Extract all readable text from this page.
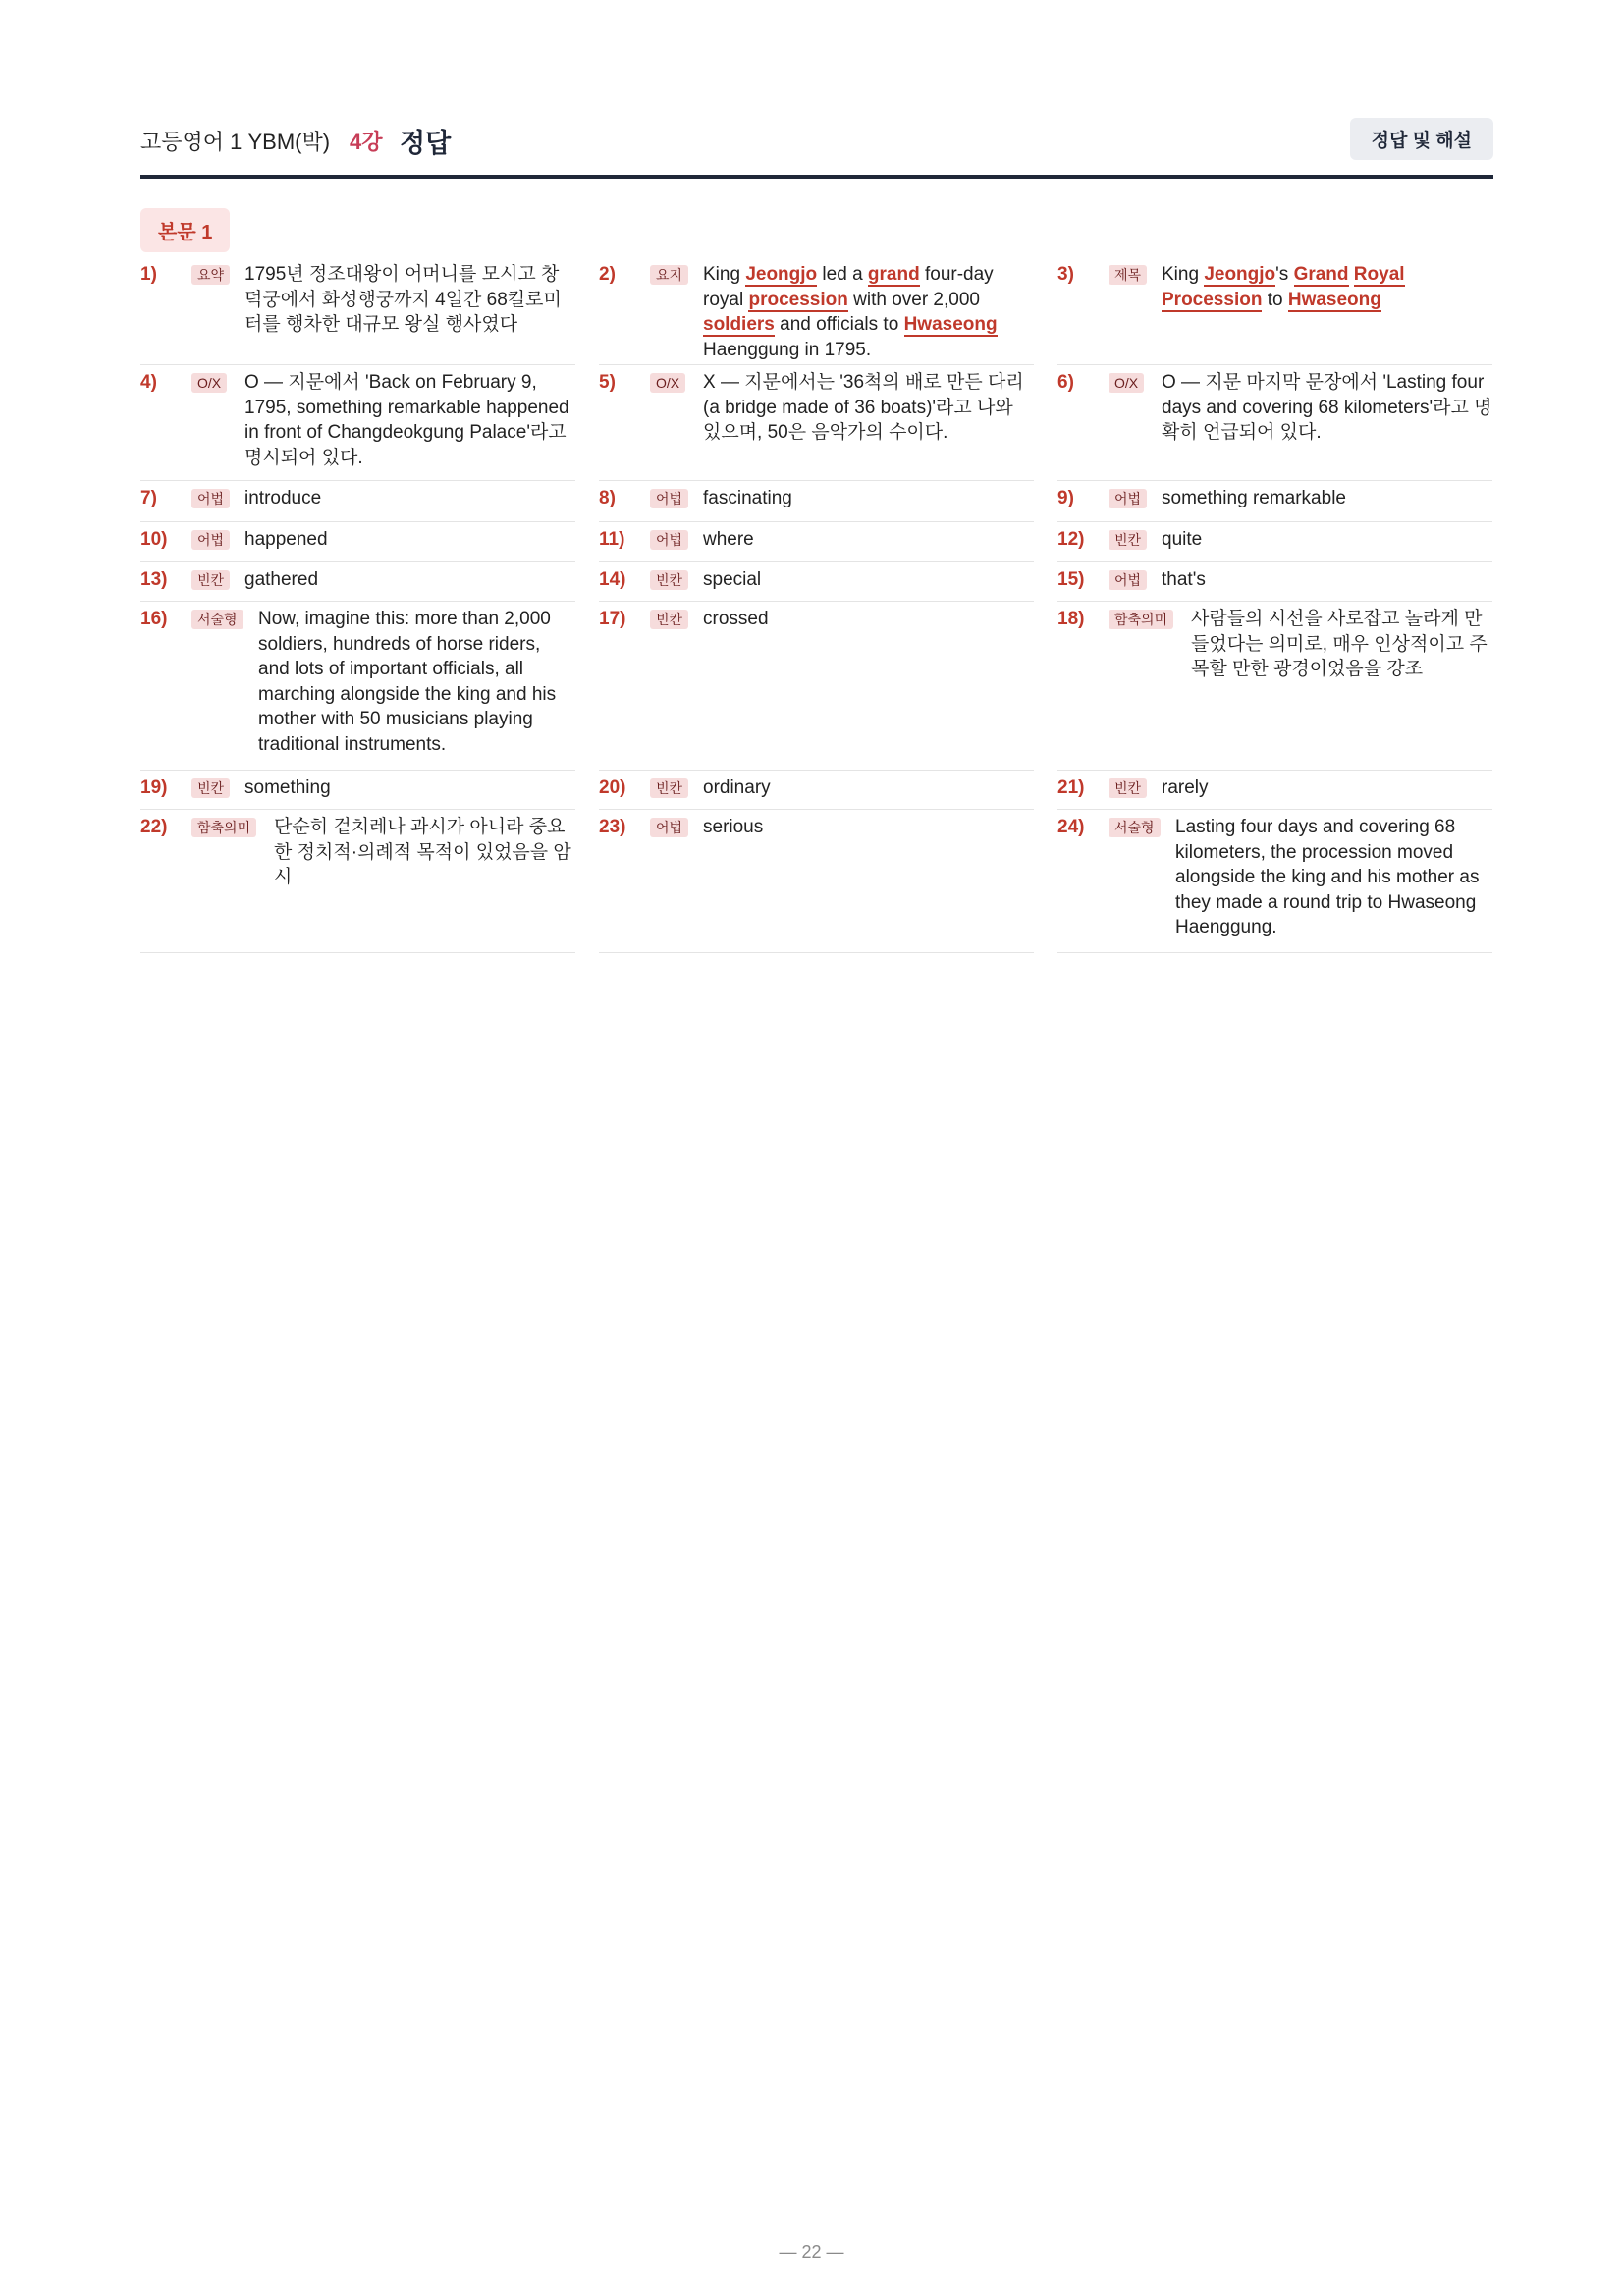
고등영어 1 YBM(박) 4강 정답	정답 및 해설
본문 1
1)	요약	1795년 정조대왕이 어머니를 모시고 창덕궁에서 화성행궁까지 4일간 68킬로미터를 행차한 대규모 왕실 행사였다
2)	요지	King Jeongjo led a grand four-day royal procession with over 2,000 soldiers and officials to Hwaseong Haenggung in 1795.
3)	제목	King Jeongjo's Grand Royal Procession to Hwaseong
4)	O/X	O — 지문에서 'Back on February 9, 1795, something remarkable happened in front of Changdeokgung Palace'라고 명시되어 있다.
5)	O/X	X — 지문에서는 '36척의 배로 만든 다리(a bridge made of 36 boats)'라고 나와 있으며, 50은 음악가의 수이다.
6)	O/X	O — 지문 마지막 문장에서 'Lasting four days and covering 68 kilometers'라고 명확히 언급되어 있다.
7)	어법	introduce	8)	어법	fascinating	9)	어법	something remarkable
10)	어법	happened	11)	어법	where	12)	빈칸	quite
13)	빈칸	gathered	14)	빈칸	special	15)	어법	that's
16)	서술형	Now, imagine this: more than 2,000 soldiers, hundreds of horse riders, and lots of important officials, all marching alongside the king and his mother with 50 musicians playing traditional instruments.
17)	빈칸	crossed	18)	함축의미	사람들의 시선을 사로잡고 놀라게 만들었다는 의미로, 매우 인상적이고 주목할 만한 광경이었음을 강조
19)	빈칸	something	20)	빈칸	ordinary	21)	빈칸	rarely
22)	함축의미	단순히 겉치레나 과시가 아니라 중요한 정치적·의례적 목적이 있었음을 암시
23)	어법	serious	24)	서술형	Lasting four days and covering 68 kilometers, the procession moved alongside the king and his mother as they made a round trip to Hwaseong Haenggung.
— 22 —
